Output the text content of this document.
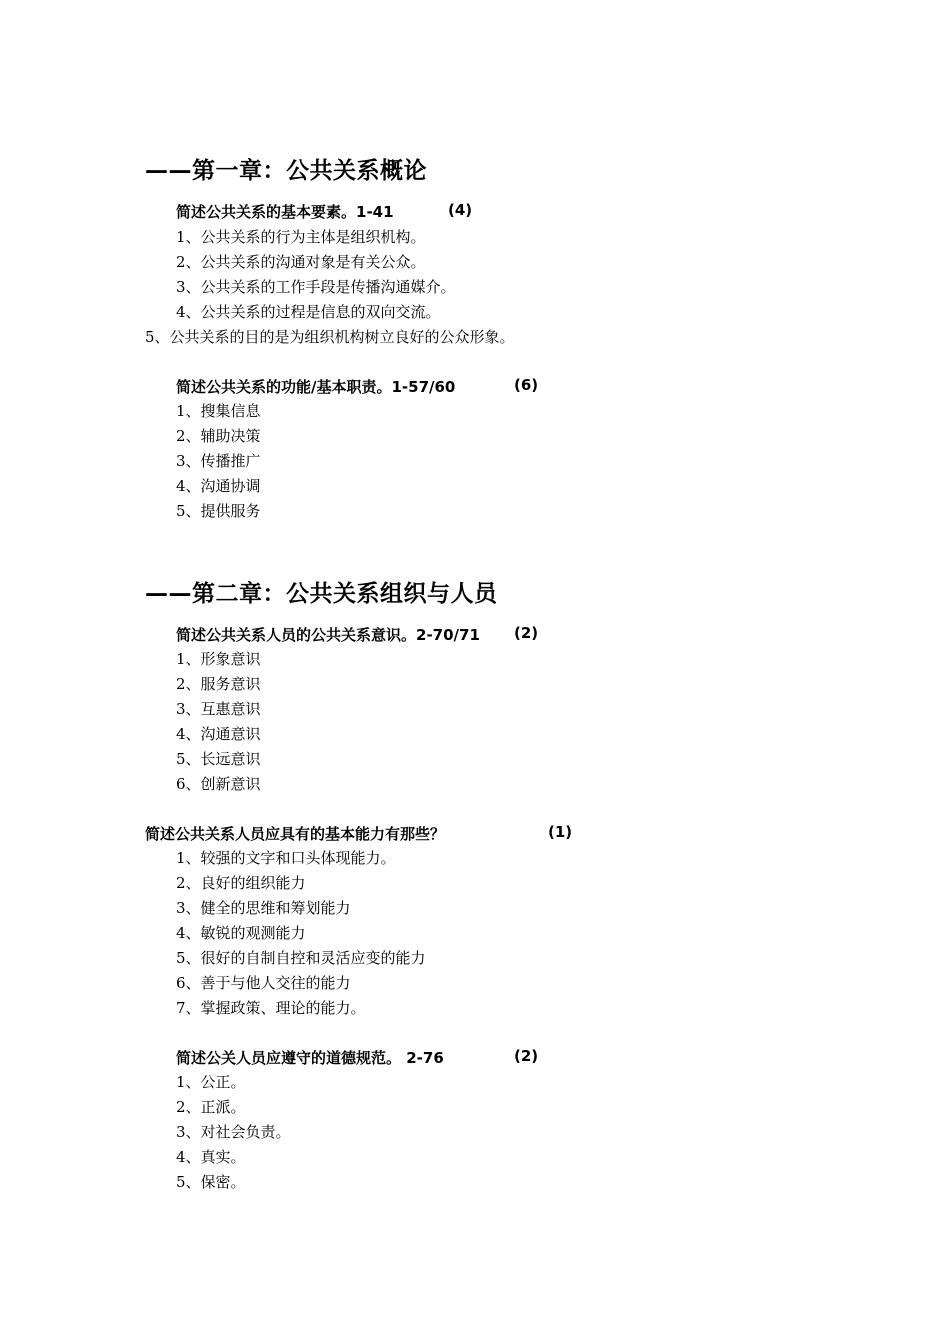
——第一章：公共关系概论
简述公共关系的基本要素。1-41	(4)
1、公共关系的行为主体是组织机构。
2、公共关系的沟通对象是有关公众。
3、公共关系的工作手段是传播沟通媒介。
4、公共关系的过程是信息的双向交流。
5、公共关系的目的是为组织机构树立良好的公众形象。
简述公共关系的功能/基本职责。1-57/60	(6)
1、搜集信息
2、辅助决策
3、传播推广
4、沟通协调
5、提供服务
——第二章：公共关系组织与人员
简述公共关系人员的公共关系意识。2-70/71 (2)
1、形象意识
2、服务意识
3、互惠意识
4、沟通意识
5、长远意识
6、创新意识
简述公共关系人员应具有的基本能力有那些？	(1)
1、较强的文字和口头体现能力。
2、良好的组织能力
3、健全的思维和筹划能力
4、敏锐的观测能力
5、很好的自制自控和灵活应变的能力
6、善于与他人交往的能力
7、掌握政策、理论的能力。
简述公关人员应遵守的道德规范。 2-76	(2)
1、公正。
2、正派。
3、对社会负责。
4、真实。
5、保密。
